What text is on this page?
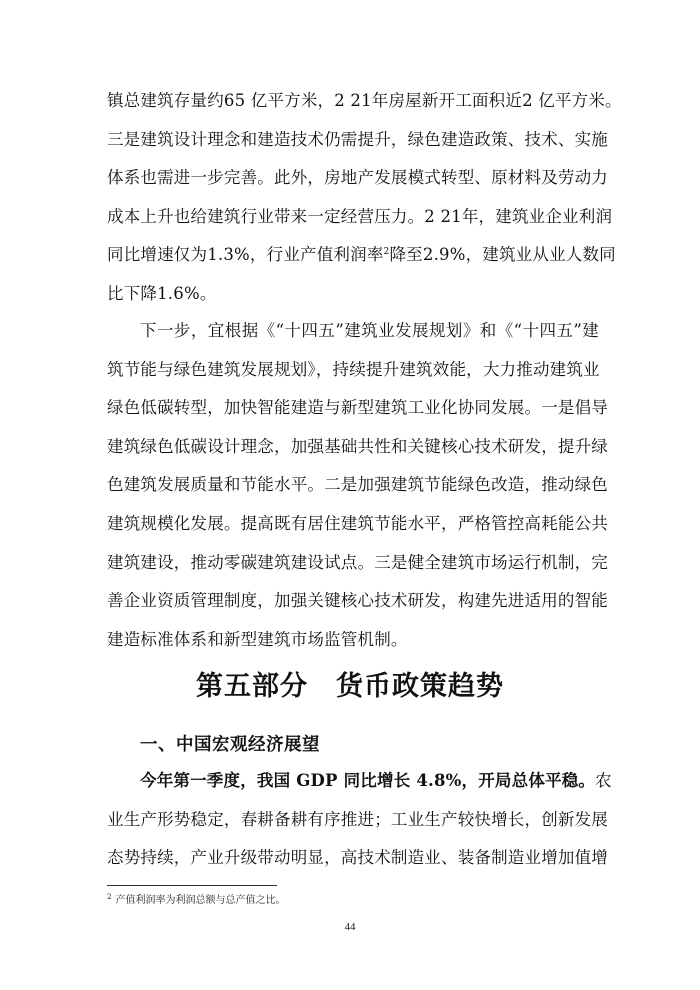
镇总建筑存量约65 亿平方米，2 21年房屋新开工面积近2 亿平方米。
三是建筑设计理念和建造技术仍需提升，绿色建造政策、技术、实施
体系也需进一步完善。此外，房地产发展模式转型、原材料及劳动力
成本上升也给建筑行业带来一定经营压力。2 21年，建筑业企业利润
同比增速仅为1.3%，行业产值利润率$^2$降至2.9%，建筑业从业人数同
比下降1.6%。
下一步，宜根据《“十四五”建筑业发展规划》和《“十四五”建
筑节能与绿色建筑发展规划》，持续提升建筑效能，大力推动建筑业
绿色低碳转型，加快智能建造与新型建筑工业化协同发展。一是倡导
建筑绿色低碳设计理念，加强基础共性和关键核心技术研发，提升绿
色建筑发展质量和节能水平。二是加强建筑节能绿色改造，推动绿色
建筑规模化发展。提高既有居住建筑节能水平，严格管控高耗能公共
建筑建设，推动零碳建筑建设试点。三是健全建筑市场运行机制，完
善企业资质管理制度，加强关键核心技术研发，构建先进适用的智能
建造标准体系和新型建筑市场监管机制。
第五部分　货币政策趋势
一、中国宏观经济展望
今年第一季度，我国 GDP 同比增长 4.8%，开局总体平稳。农
业生产形势稳定，春耕备耕有序推进；工业生产较快增长，创新发展
态势持续，产业升级带动明显，高技术制造业、装备制造业增加值增
$^2$ 产值利润率为利润总额与总产值之比。
44
